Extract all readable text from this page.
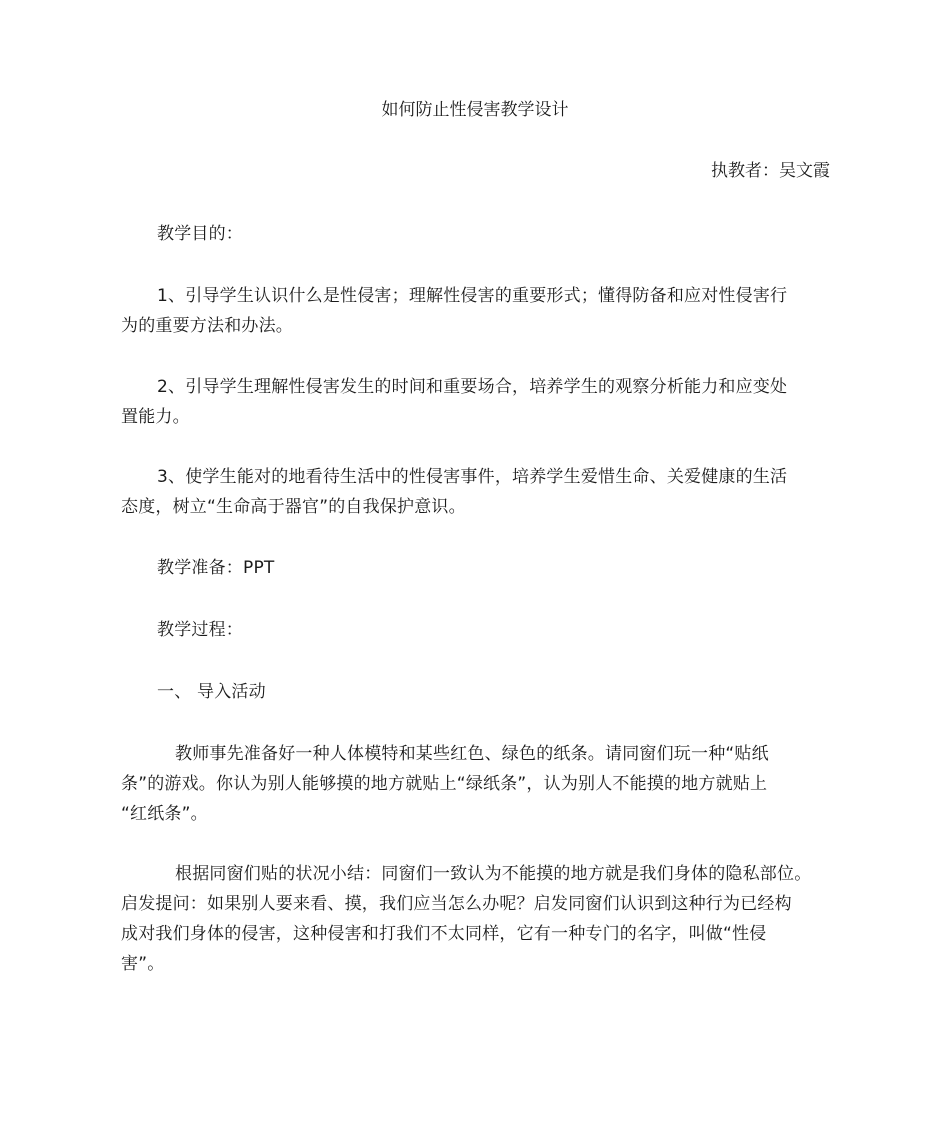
如何防止性侵害教学设计
执教者：吴文霞
教学目的：
1、引导学生认识什么是性侵害；理解性侵害的重要形式；懂得防备和应对性侵害行
为的重要方法和办法。
2、引导学生理解性侵害发生的时间和重要场合，培养学生的观察分析能力和应变处
置能力。
3、使学生能对的地看待生活中的性侵害事件，培养学生爱惜生命、关爱健康的生活
态度，树立“生命高于器官”的自我保护意识。
教学准备：PPT
教学过程：
一、 导入活动
教师事先准备好一种人体模特和某些红色、绿色的纸条。请同窗们玩一种“贴纸
条”的游戏。你认为别人能够摸的地方就贴上“绿纸条”，认为别人不能摸的地方就贴上
“红纸条”。
根据同窗们贴的状况小结：同窗们一致认为不能摸的地方就是我们身体的隐私部位。
启发提问：如果别人要来看、摸，我们应当怎么办呢？启发同窗们认识到这种行为已经构
成对我们身体的侵害，这种侵害和打我们不太同样，它有一种专门的名字，叫做“性侵
害”。
